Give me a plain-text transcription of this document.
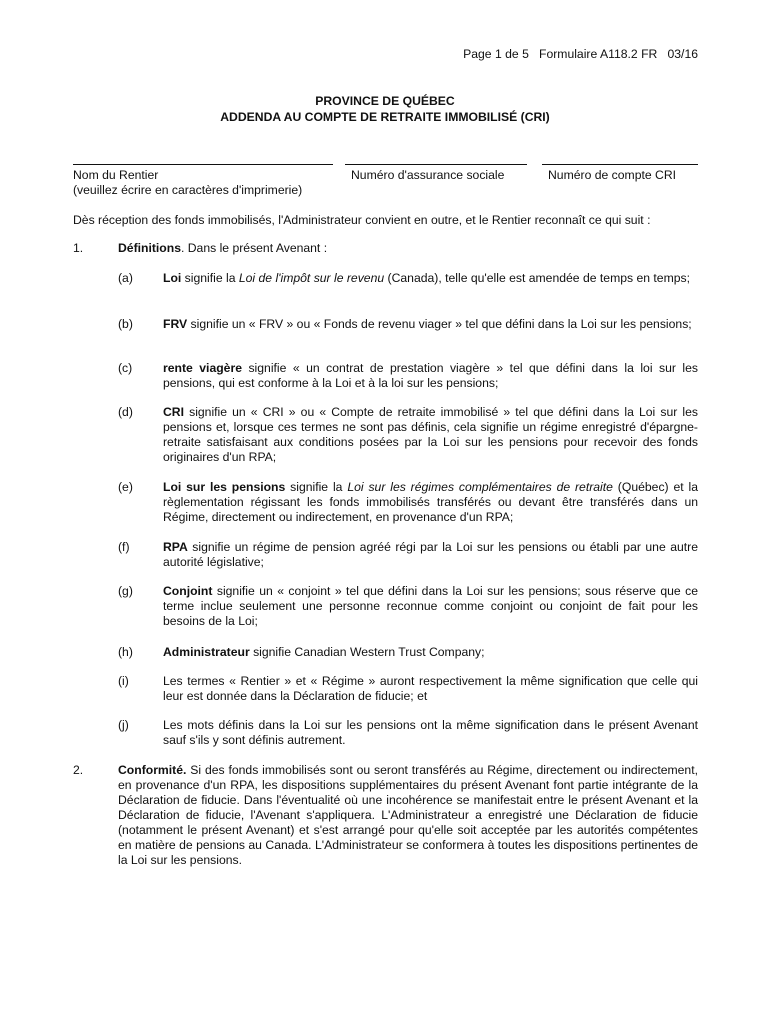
Page 1 de 5 Formulaire A118.2 FR 03/16
PROVINCE DE QUÉBEC
ADDENDA AU COMPTE DE RETRAITE IMMOBILISÉ (CRI)
Nom du Rentier
(veuillez écrire en caractères d'imprimerie)
Numéro d'assurance sociale	Numéro de compte CRI
Dès réception des fonds immobilisés, l'Administrateur convient en outre, et le Rentier reconnaît ce qui suit :
1.	Définitions. Dans le présent Avenant :
(a) Loi signifie la Loi de l'impôt sur le revenu (Canada), telle qu'elle est amendée de temps en temps;
(b) FRV signifie un « FRV » ou « Fonds de revenu viager » tel que défini dans la Loi sur les pensions;
(c)	rente viagère signifie « un contrat de prestation viagère » tel que défini dans la loi sur les pensions, qui est conforme à la Loi et à la loi sur les pensions;
(d) CRI signifie un « CRI » ou « Compte de retraite immobilisé » tel que défini dans la Loi sur les pensions et, lorsque ces termes ne sont pas définis, cela signifie un régime enregistré d'épargne-retraite satisfaisant aux conditions posées par la Loi sur les pensions pour recevoir des fonds originaires d'un RPA;
(e) Loi sur les pensions signifie la Loi sur les régimes complémentaires de retraite (Québec) et la règlementation régissant les fonds immobilisés transférés ou devant être transférés dans un Régime, directement ou indirectement, en provenance d'un RPA;
(f)	RPA signifie un régime de pension agréé régi par la Loi sur les pensions ou établi par une autre autorité législative;
(g) Conjoint signifie un « conjoint » tel que défini dans la Loi sur les pensions; sous réserve que ce terme inclue seulement une personne reconnue comme conjoint ou conjoint de fait pour les besoins de la Loi;
(h) Administrateur signifie Canadian Western Trust Company;
(i)	Les termes « Rentier » et « Régime » auront respectivement la même signification que celle qui leur est donnée dans la Déclaration de fiducie; et
(j)	Les mots définis dans la Loi sur les pensions ont la même signification dans le présent Avenant sauf s'ils y sont définis autrement.
2.	Conformité. Si des fonds immobilisés sont ou seront transférés au Régime, directement ou indirectement, en provenance d'un RPA, les dispositions supplémentaires du présent Avenant font partie intégrante de la Déclaration de fiducie. Dans l'éventualité où une incohérence se manifestait entre le présent Avenant et la Déclaration de fiducie, l'Avenant s'appliquera. L'Administrateur a enregistré une Déclaration de fiducie (notamment le présent Avenant) et s'est arrangé pour qu'elle soit acceptée par les autorités compétentes en matière de pensions au Canada. L'Administrateur se conformera à toutes les dispositions pertinentes de la Loi sur les pensions.
